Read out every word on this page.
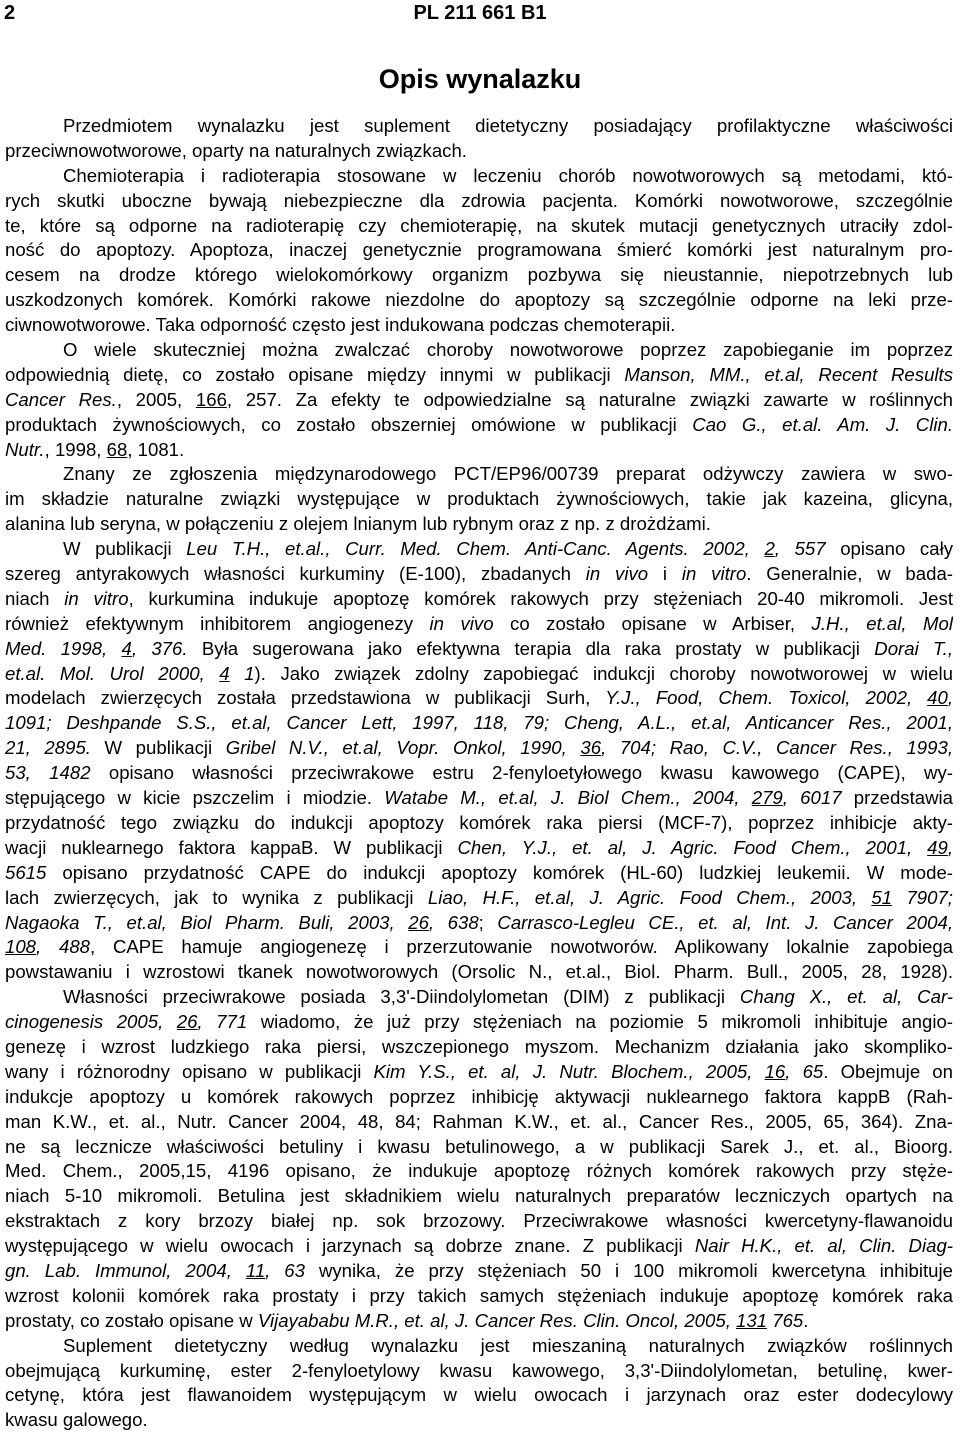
2	PL 211 661 B1
Opis wynalazku
Przedmiotem wynalazku jest suplement dietetyczny posiadający profilaktyczne właściwości
przeciwnowotworowe, oparty na naturalnych związkach.
Chemioterapia i radioterapia stosowane w leczeniu chorób nowotworowych są metodami, któ-
rych skutki uboczne bywają niebezpieczne dla zdrowia pacjenta. Komórki nowotworowe, szczególnie
te, które są odporne na radioterapię czy chemioterapię, na skutek mutacji genetycznych utraciły zdol-
ność do apoptozy. Apoptoza, inaczej genetycznie programowana śmierć komórki jest naturalnym pro-
cesem na drodze którego wielokomórkowy organizm pozbywa się nieustannie, niepotrzebnych lub
uszkodzonych komórek. Komórki rakowe niezdolne do apoptozy są szczególnie odporne na leki prze-
ciwnowotworowe. Taka odporność często jest indukowana podczas chemoterapii.
O wiele skuteczniej można zwalczać choroby nowotworowe poprzez zapobieganie im poprzez
odpowiednią dietę, co zostało opisane między innymi w publikacji Manson, MM., et.al, Recent Results
Cancer Res., 2005, 166, 257. Za efekty te odpowiedzialne są naturalne związki zawarte w roślinnych
produktach żywnościowych, co zostało obszerniej omówione w publikacji Cao G., et.al. Am. J. Clin.
Nutr., 1998, 68, 1081.
Znany ze zgłoszenia międzynarodowego PCT/EP96/00739 preparat odżywczy zawiera w swo-
im składzie naturalne związki występujące w produktach żywnościowych, takie jak kazeina, glicyna,
alanina lub seryna, w połączeniu z olejem lnianym lub rybnym oraz z np. z drożdżami.
W publikacji Leu T.H., et.al., Curr. Med. Chem. Anti-Canc. Agents. 2002, 2, 557 opisano cały
szereg antyrakowych własności kurkuminy (E-100), zbadanych in vivo i in vitro. Generalnie, w bada-
niach in vitro, kurkumina indukuje apoptozę komórek rakowych przy stężeniach 20-40 mikromoli. Jest
również efektywnym inhibitorem angiogenezy in vivo co zostało opisane w Arbiser, J.H., et.al, Mol
Med. 1998, 4, 376. Była sugerowana jako efektywna terapia dla raka prostaty w publikacji Dorai T.,
et.al. Mol. Urol 2000, 4 1). Jako związek zdolny zapobiegać indukcji choroby nowotworowej w wielu
modelach zwierzęcych została przedstawiona w publikacji Surh, Y.J., Food, Chem. Toxicol, 2002, 40,
1091; Deshpande S.S., et.al, Cancer Lett, 1997, 118, 79; Cheng, A.L., et.al, Anticancer Res., 2001,
21, 2895. W publikacji Gribel N.V., et.al, Vopr. Onkol, 1990, 36, 704; Rao, C.V., Cancer Res., 1993,
53, 1482 opisano własności przeciwrakowe estru 2-fenyloetyłowego kwasu kawowego (CAPE), wy-
stępującego w kicie pszczelim i miodzie. Watabe M., et.al, J. Biol Chem., 2004, 279, 6017 przedstawia
przydatność tego związku do indukcji apoptozy komórek raka piersi (MCF-7), poprzez inhibicje akty-
wacji nuklearnego faktora kappaB. W publikacji Chen, Y.J., et. al, J. Agric. Food Chem., 2001, 49,
5615 opisano przydatność CAPE do indukcji apoptozy komórek (HL-60) ludzkiej leukemii. W mode-
lach zwierzęcych, jak to wynika z publikacji Liao, H.F., et.al, J. Agric. Food Chem., 2003, 51 7907;
Nagaoka T., et.al, Biol Pharm. Buli, 2003, 26, 638; Carrasco-Legleu CE., et. al, Int. J. Cancer 2004,
108, 488, CAPE hamuje angiogenezę i przerzutowanie nowotworów. Aplikowany lokalnie zapobiega
powstawaniu i wzrostowi tkanek nowotworowych (Orsolic N., et.al., Biol. Pharm. Bull., 2005, 28, 1928).
Własności przeciwrakowe posiada 3,3'-Diindolylometan (DIM) z publikacji Chang X., et. al, Car-
cinogenesis 2005, 26, 771 wiadomo, że już przy stężeniach na poziomie 5 mikromoli inhibituje angio-
genezę i wzrost ludzkiego raka piersi, wszczepionego myszom. Mechanizm działania jako skomplikо-
wany i różnorodny opisano w publikacji Kim Y.S., et. al, J. Nutr. Blochem., 2005, 16, 65. Obejmuje on
indukcje apoptozy u komórek rakowych poprzez inhibicję aktywacji nuklearnego faktora kappB (Rah-
man K.W., et. al., Nutr. Cancer 2004, 48, 84; Rahman K.W., et. al., Cancer Res., 2005, 65, 364). Zna-
ne są lecznicze właściwości betuliny i kwasu betulinowego, a w publikacji Sarek J., et. al., Bioorg.
Med. Chem., 2005,15, 4196 opisano, że indukuje apoptozę różnych komórek rakowych przy stęże-
niach 5-10 mikromoli. Betulina jest składnikiem wielu naturalnych preparatów leczniczych opartych na
ekstraktach z kory brzozy białej np. sok brzozowy. Przeciwrakowe własności kwercetyny-flawanoidu
występującego w wielu owocach i jarzynach są dobrze znane. Z publikacji Nair H.K., et. al, Clin. Diag-
gn. Lab. Immunol, 2004, 11, 63 wynika, że przy stężeniach 50 i 100 mikromoli kwercetyna inhibituje
wzrost kolonii komórek raka prostaty i przy takich samych stężeniach indukuje apoptozę komórek raka
prostaty, co zostało opisane w Vijayababu M.R., et. al, J. Cancer Res. Clin. Oncol, 2005, 131 765.
Suplement dietetyczny według wynalazku jest mieszaniną naturalnych związków roślinnych
obejmującą kurkuminę, ester 2-fenyloetylowy kwasu kawowego, 3,3'-Diindolylometan, betulinę, kwer-
cetynę, która jest flawanoidem występującym w wielu owocach i jarzynach oraz ester dodecylowy
kwasu galowego.
